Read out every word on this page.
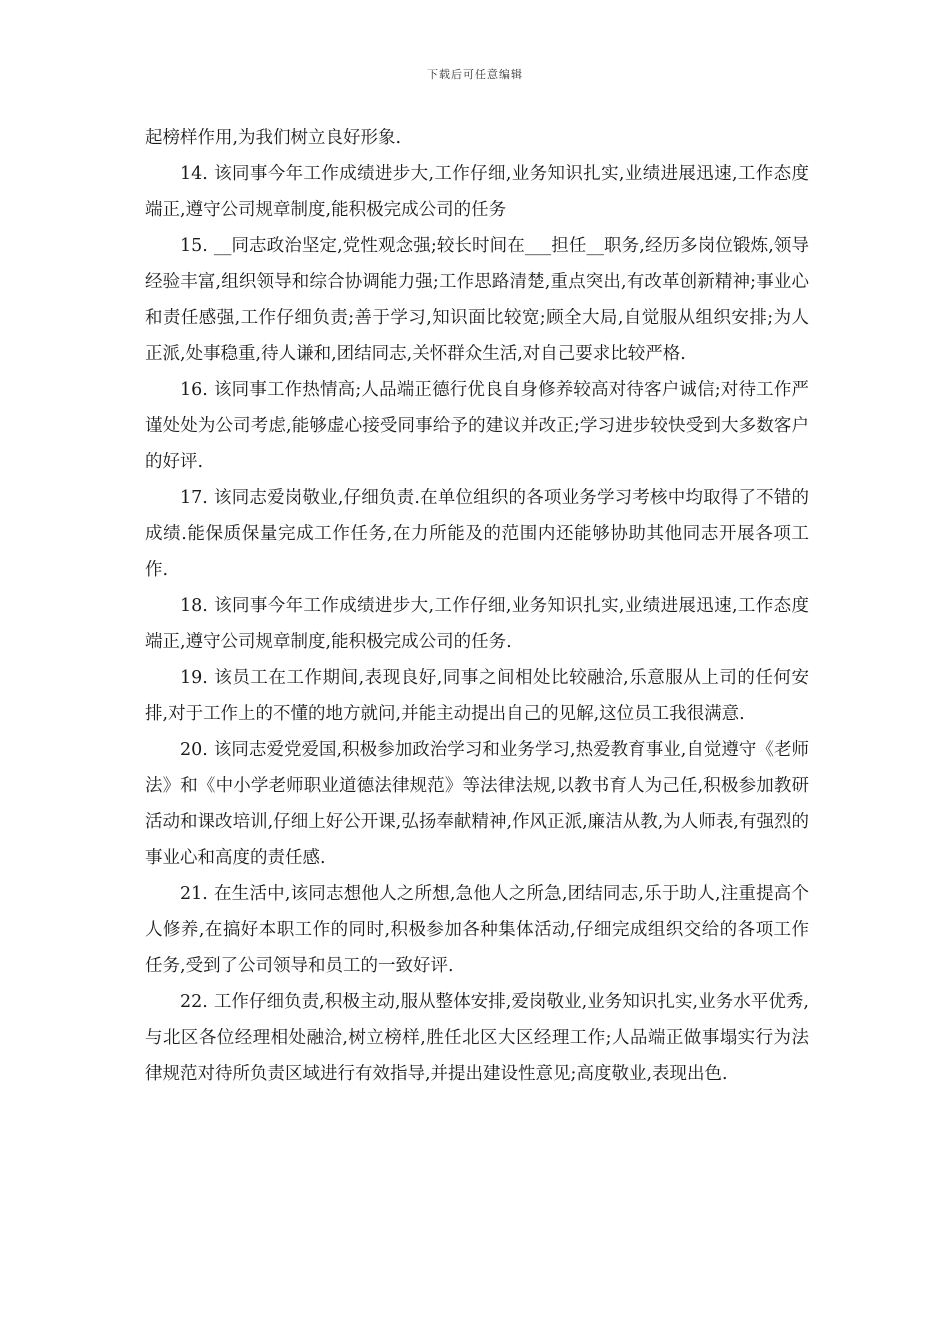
下载后可任意编辑

起榜样作用,为我们树立良好形象.

14. 该同事今年工作成绩进步大,工作仔细,业务知识扎实,业绩进展迅速,工作态度端正,遵守公司规章制度,能积极完成公司的任务

15. __同志政治坚定,党性观念强;较长时间在___担任__职务,经历多岗位锻炼,领导经验丰富,组织领导和综合协调能力强;工作思路清楚,重点突出,有改革创新精神;事业心和责任感强,工作仔细负责;善于学习,知识面比较宽;顾全大局,自觉服从组织安排;为人正派,处事稳重,待人谦和,团结同志,关怀群众生活,对自己要求比较严格.

16. 该同事工作热情高;人品端正德行优良自身修养较高对待客户诚信;对待工作严谨处处为公司考虑,能够虚心接受同事给予的建议并改正;学习进步较快受到大多数客户的好评.

17. 该同志爱岗敬业,仔细负责.在单位组织的各项业务学习考核中均取得了不错的成绩.能保质保量完成工作任务,在力所能及的范围内还能够协助其他同志开展各项工作.

18. 该同事今年工作成绩进步大,工作仔细,业务知识扎实,业绩进展迅速,工作态度端正,遵守公司规章制度,能积极完成公司的任务.

19. 该员工在工作期间,表现良好,同事之间相处比较融洽,乐意服从上司的任何安排,对于工作上的不懂的地方就问,并能主动提出自己的见解,这位员工我很满意.

20. 该同志爱党爱国,积极参加政治学习和业务学习,热爱教育事业,自觉遵守《老师法》和《中小学老师职业道德法律规范》等法律法规,以教书育人为己任,积极参加教研活动和课改培训,仔细上好公开课,弘扬奉献精神,作风正派,廉洁从教,为人师表,有强烈的事业心和高度的责任感.

21. 在生活中,该同志想他人之所想,急他人之所急,团结同志,乐于助人,注重提高个人修养,在搞好本职工作的同时,积极参加各种集体活动,仔细完成组织交给的各项工作任务,受到了公司领导和员工的一致好评.

22. 工作仔细负责,积极主动,服从整体安排,爱岗敬业,业务知识扎实,业务水平优秀,与北区各位经理相处融洽,树立榜样,胜任北区大区经理工作;人品端正做事塌实行为法律规范对待所负责区域进行有效指导,并提出建设性意见;高度敬业,表现出色.
